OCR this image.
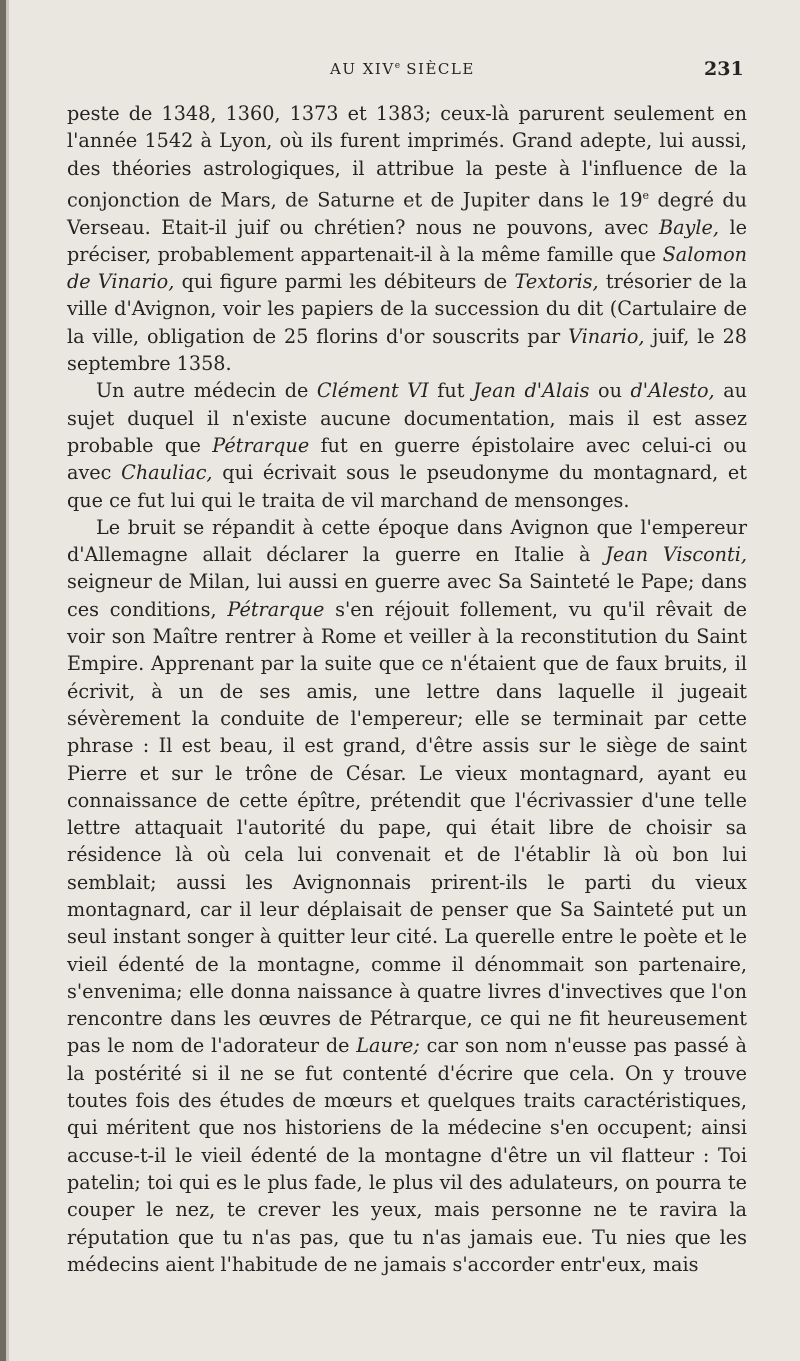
AU XIVe SIÈCLE	231

peste de 1348, 1360, 1373 et 1383; ceux-là parurent seulement en l'année 1542 à Lyon, où ils furent imprimés. Grand adepte, lui aussi, des théories astrologiques, il attribue la peste à l'influence de la conjonction de Mars, de Saturne et de Jupiter dans le 19e degré du Verseau. Etait-il juif ou chrétien? nous ne pouvons, avec Bayle, le préciser, probablement appartenait-il à la même famille que Salomon de Vinario, qui figure parmi les débiteurs de Textoris, trésorier de la ville d'Avignon, voir les papiers de la succession du dit (Cartulaire de la ville, obligation de 25 florins d'or souscrits par Vinario, juif, le 28 septembre 1358.

Un autre médecin de Clément VI fut Jean d'Alais ou d'Alesto, au sujet duquel il n'existe aucune documentation, mais il est assez probable que Pétrarque fut en guerre épistolaire avec celui-ci ou avec Chauliac, qui écrivait sous le pseudonyme du montagnard, et que ce fut lui qui le traita de vil marchand de mensonges.

Le bruit se répandit à cette époque dans Avignon que l'empereur d'Allemagne allait déclarer la guerre en Italie à Jean Visconti, seigneur de Milan, lui aussi en guerre avec Sa Sainteté le Pape; dans ces conditions, Pétrarque s'en réjouit follement, vu qu'il rêvait de voir son Maître rentrer à Rome et veiller à la reconstitution du Saint Empire. Apprenant par la suite que ce n'étaient que de faux bruits, il écrivit, à un de ses amis, une lettre dans laquelle il jugeait sévèrement la conduite de l'empereur; elle se terminait par cette phrase : Il est beau, il est grand, d'être assis sur le siège de saint Pierre et sur le trône de César. Le vieux montagnard, ayant eu connaissance de cette épître, prétendit que l'écrivassier d'une telle lettre attaquait l'autorité du pape, qui était libre de choisir sa résidence là où cela lui convenait et de l'établir là où bon lui semblait; aussi les Avignonnais prirent-ils le parti du vieux montagnard, car il leur déplaisait de penser que Sa Sainteté put un seul instant songer à quitter leur cité. La querelle entre le poète et le vieil édenté de la montagne, comme il dénommait son partenaire, s'envenima; elle donna naissance à quatre livres d'invectives que l'on rencontre dans les œuvres de Pétrarque, ce qui ne fit heureusement pas le nom de l'adorateur de Laure; car son nom n'eusse pas passé à la postérité si il ne se fut contenté d'écrire que cela. On y trouve toutes fois des études de mœurs et quelques traits caractéristiques, qui méritent que nos historiens de la médecine s'en occupent; ainsi accuse-t-il le vieil édenté de la montagne d'être un vil flatteur : Toi patelin; toi qui es le plus fade, le plus vil des adulateurs, on pourra te couper le nez, te crever les yeux, mais personne ne te ravira la réputation que tu n'as pas, que tu n'as jamais eue. Tu nies que les médecins aient l'habitude de ne jamais s'accorder entr'eux, mais
